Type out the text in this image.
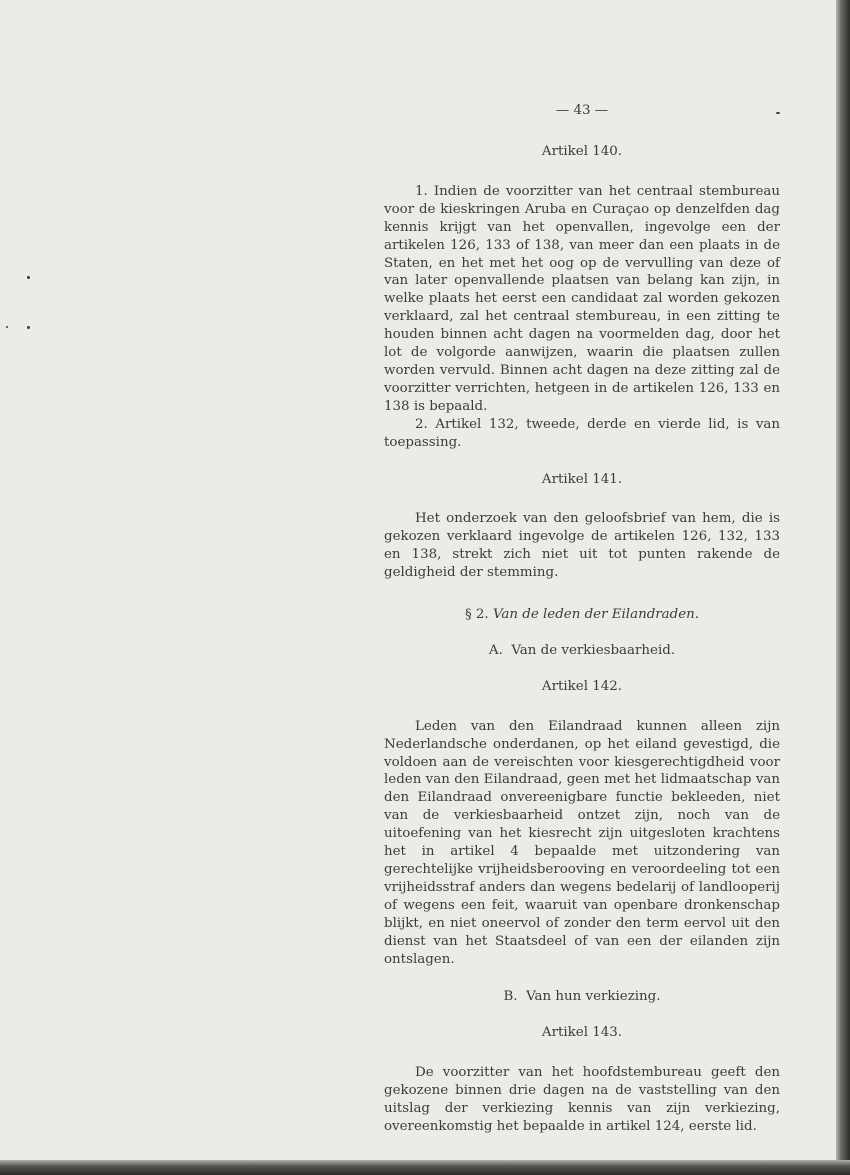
— 43 —
Artikel 140.

1. Indien de voorzitter van het centraal stembureau voor de kieskringen Aruba en Curaçao op denzelfden dag kennis krijgt van het openvallen, ingevolge een der artikelen 126, 133 of 138, van meer dan een plaats in de Staten, en het met het oog op de vervulling van deze of van later openvallende plaatsen van belang kan zijn, in welke plaats het eerst een candidaat zal worden gekozen verklaard, zal het centraal stembureau, in een zitting te houden binnen acht dagen na voormelden dag, door het lot de volgorde aanwijzen, waarin die plaatsen zullen worden vervuld. Binnen acht dagen na deze zitting zal de voorzitter verrichten, hetgeen in de artikelen 126, 133 en 138 is bepaald.

2. Artikel 132, tweede, derde en vierde lid, is van toepassing.

Artikel 141.

Het onderzoek van den geloofsbrief van hem, die is gekozen verklaard ingevolge de artikelen 126, 132, 133 en 138, strekt zich niet uit tot punten rakende de geldigheid der stemming.

§ 2. Van de leden der Eilandraden.
A.  Van de verkiesbaarheid.
Artikel 142.

Leden van den Eilandraad kunnen alleen zijn Nederlandsche onderdanen, op het eiland gevestigd, die voldoen aan de vereischten voor kiesgerechtigdheid voor leden van den Eilandraad, geen met het lidmaatschap van den Eilandraad onvereenigbare functie bekleeden, niet van de verkiesbaarheid ontzet zijn, noch van de uitoefening van het kiesrecht zijn uitgesloten krachtens het in artikel 4 bepaalde met uitzondering van gerechtelijke vrijheidsberooving en veroordeeling tot een vrijheidsstraf anders dan wegens bedelarij of landlooperij of wegens een feit, waaruit van openbare dronkenschap blijkt, en niet oneervol of zonder den term eervol uit den dienst van het Staatsdeel of van een der eilanden zijn ontslagen.

B.  Van hun verkiezing.
Artikel 143.

De voorzitter van het hoofdstembureau geeft den gekozene binnen drie dagen na de vaststelling van den uitslag der verkiezing kennis van zijn verkiezing, overeenkomstig het bepaalde in artikel 124, eerste lid.
